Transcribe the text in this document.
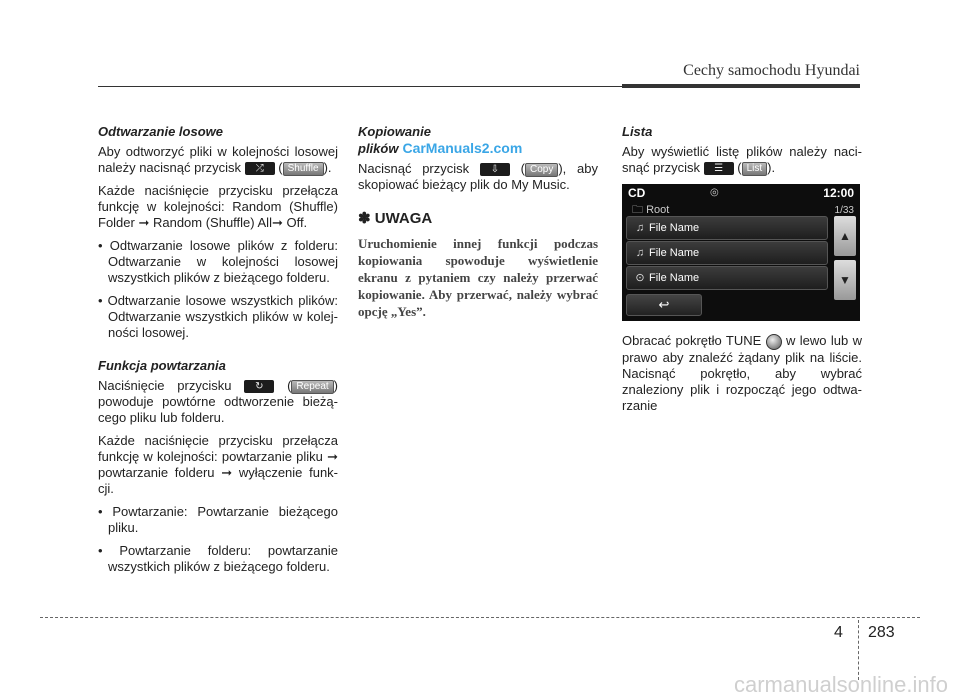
Cechy samochodu Hyundai
Odtwarzanie losowe

Aby odtworzyć pliki w kolejności losowej należy nacisnąć przycisk ⤮ ( Shuffle ).

Każde naciśnięcie przycisku przełącza funkcję w kolejności: Random (Shuffle) Folder ➞ Random (Shuffle) All➞ Off.

• Odtwarzanie losowe plików z folderu: Odtwarzanie w kolejności losowej wszystkich plików z bieżącego folderu.
• Odtwarzanie losowe wszystkich plików: Odtwarzanie wszystkich plików w kolej-ności losowej.
Funkcja powtarzania

Naciśnięcie przycisku ↻ ( Repeat ) powoduje powtórne odtworzenie bieżą-cego pliku lub folderu.

Każde naciśnięcie przycisku przełącza funkcję w kolejności: powtarzanie pliku ➞ powtarzanie folderu ➞ wyłączenie funk-cji.

• Powtarzanie: Powtarzanie bieżącego pliku.
• Powtarzanie folderu: powtarzanie wszystkich plików z bieżącego folderu.
Kopiowanie plików CarManuals2.com

Nacisnąć przycisk ⇩ ( Copy ), aby skopiować bieżący plik do My Music.

✽ UWAGA
Uruchomienie innej funkcji podczas kopiowania spowoduje wyświetlenie ekranu z pytaniem czy należy przerwać kopiowanie. Aby przerwać, należy wybrać opcję „Yes”.
Lista

Aby wyświetlić listę plików należy naci-snąć przycisk ☰ ( List ).

CD	◎	12:00
🗀 Root	1/33
♫ File Name
♫ File Name
⊙ File Name
▲
▼
↩

Obracać pokrętło TUNE w lewo lub w prawo aby znaleźć żądany plik na liście. Nacisnąć pokrętło, aby wybrać znaleziony plik i rozpocząć jego odtwa-rzanie

4 283
carmanualsonline.info
